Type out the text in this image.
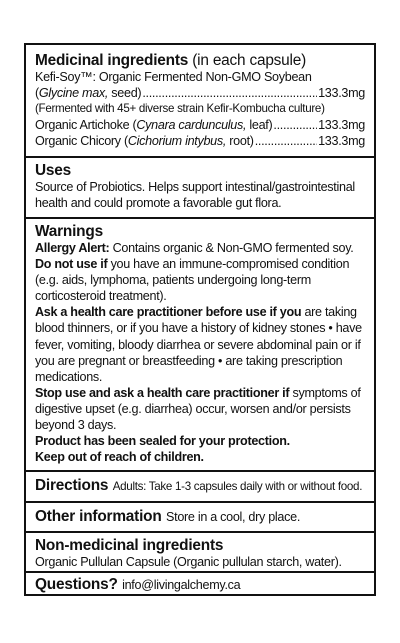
Medicinal ingredients (in each capsule)
Kefi-Soy™: Organic Fermented Non-GMO Soybean
(Glycine max, seed) .....	133.3mg
(Fermented with 45+ diverse strain Kefir-Kombucha culture)
Organic Artichoke (Cynara cardunculus, leaf) .....	133.3mg
Organic Chicory (Cichorium intybus, root) .....	133.3mg
Uses
Source of Probiotics. Helps support intestinal/gastrointestinal health and could promote a favorable gut flora.
Warnings
Allergy Alert: Contains organic & Non-GMO fermented soy.
Do not use if you have an immune-compromised condition (e.g. aids, lymphoma, patients undergoing long-term corticosteroid treatment).
Ask a health care practitioner before use if you are taking blood thinners, or if you have a history of kidney stones • have fever, vomiting, bloody diarrhea or severe abdominal pain or if you are pregnant or breastfeeding • are taking prescription medications.
Stop use and ask a health care practitioner if symptoms of digestive upset (e.g. diarrhea) occur, worsen and/or persists beyond 3 days.
Product has been sealed for your protection.
Keep out of reach of children.
Directions Adults: Take 1-3 capsules daily with or without food.
Other information Store in a cool, dry place.
Non-medicinal ingredients
Organic Pullulan Capsule (Organic pullulan starch, water).
Questions? info@livingalchemy.ca
